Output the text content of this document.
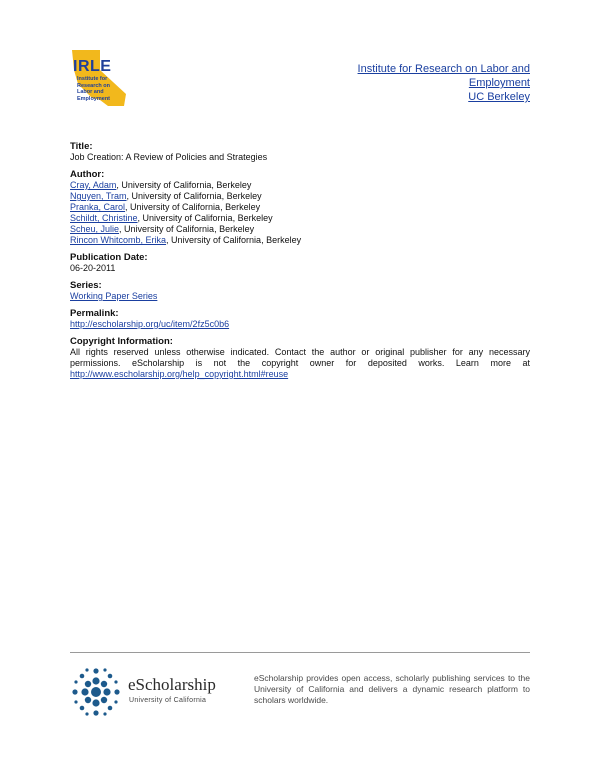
IRLE
Institute for
Research on
Labor and
Employment
Institute for Research on Labor and
Employment
UC Berkeley

Title:

Job Creation: A Review of Policies and Strategies

Author:

Cray, Adam, University of California, Berkeley

Nguyen, Tram, University of California, Berkeley

Pranka, Carol, University of California, Berkeley

Schildt, Christine, University of California, Berkeley

Scheu, Julie, University of California, Berkeley

Rincon Whitcomb, Erika, University of California, Berkeley

Publication Date:

06-20-2011

Series:

Working Paper Series

Permalink:

http://escholarship.org/uc/item/2fz5c0b6

Copyright Information:

All rights reserved unless otherwise indicated. Contact the author or original publisher for any necessary permissions. eScholarship is not the copyright owner for deposited works. Learn more at http://www.escholarship.org/help_copyright.html#reuse

eScholarship
University of California
eScholarship provides open access, scholarly publishing services to the University of California and delivers a dynamic research platform to scholars worldwide.
